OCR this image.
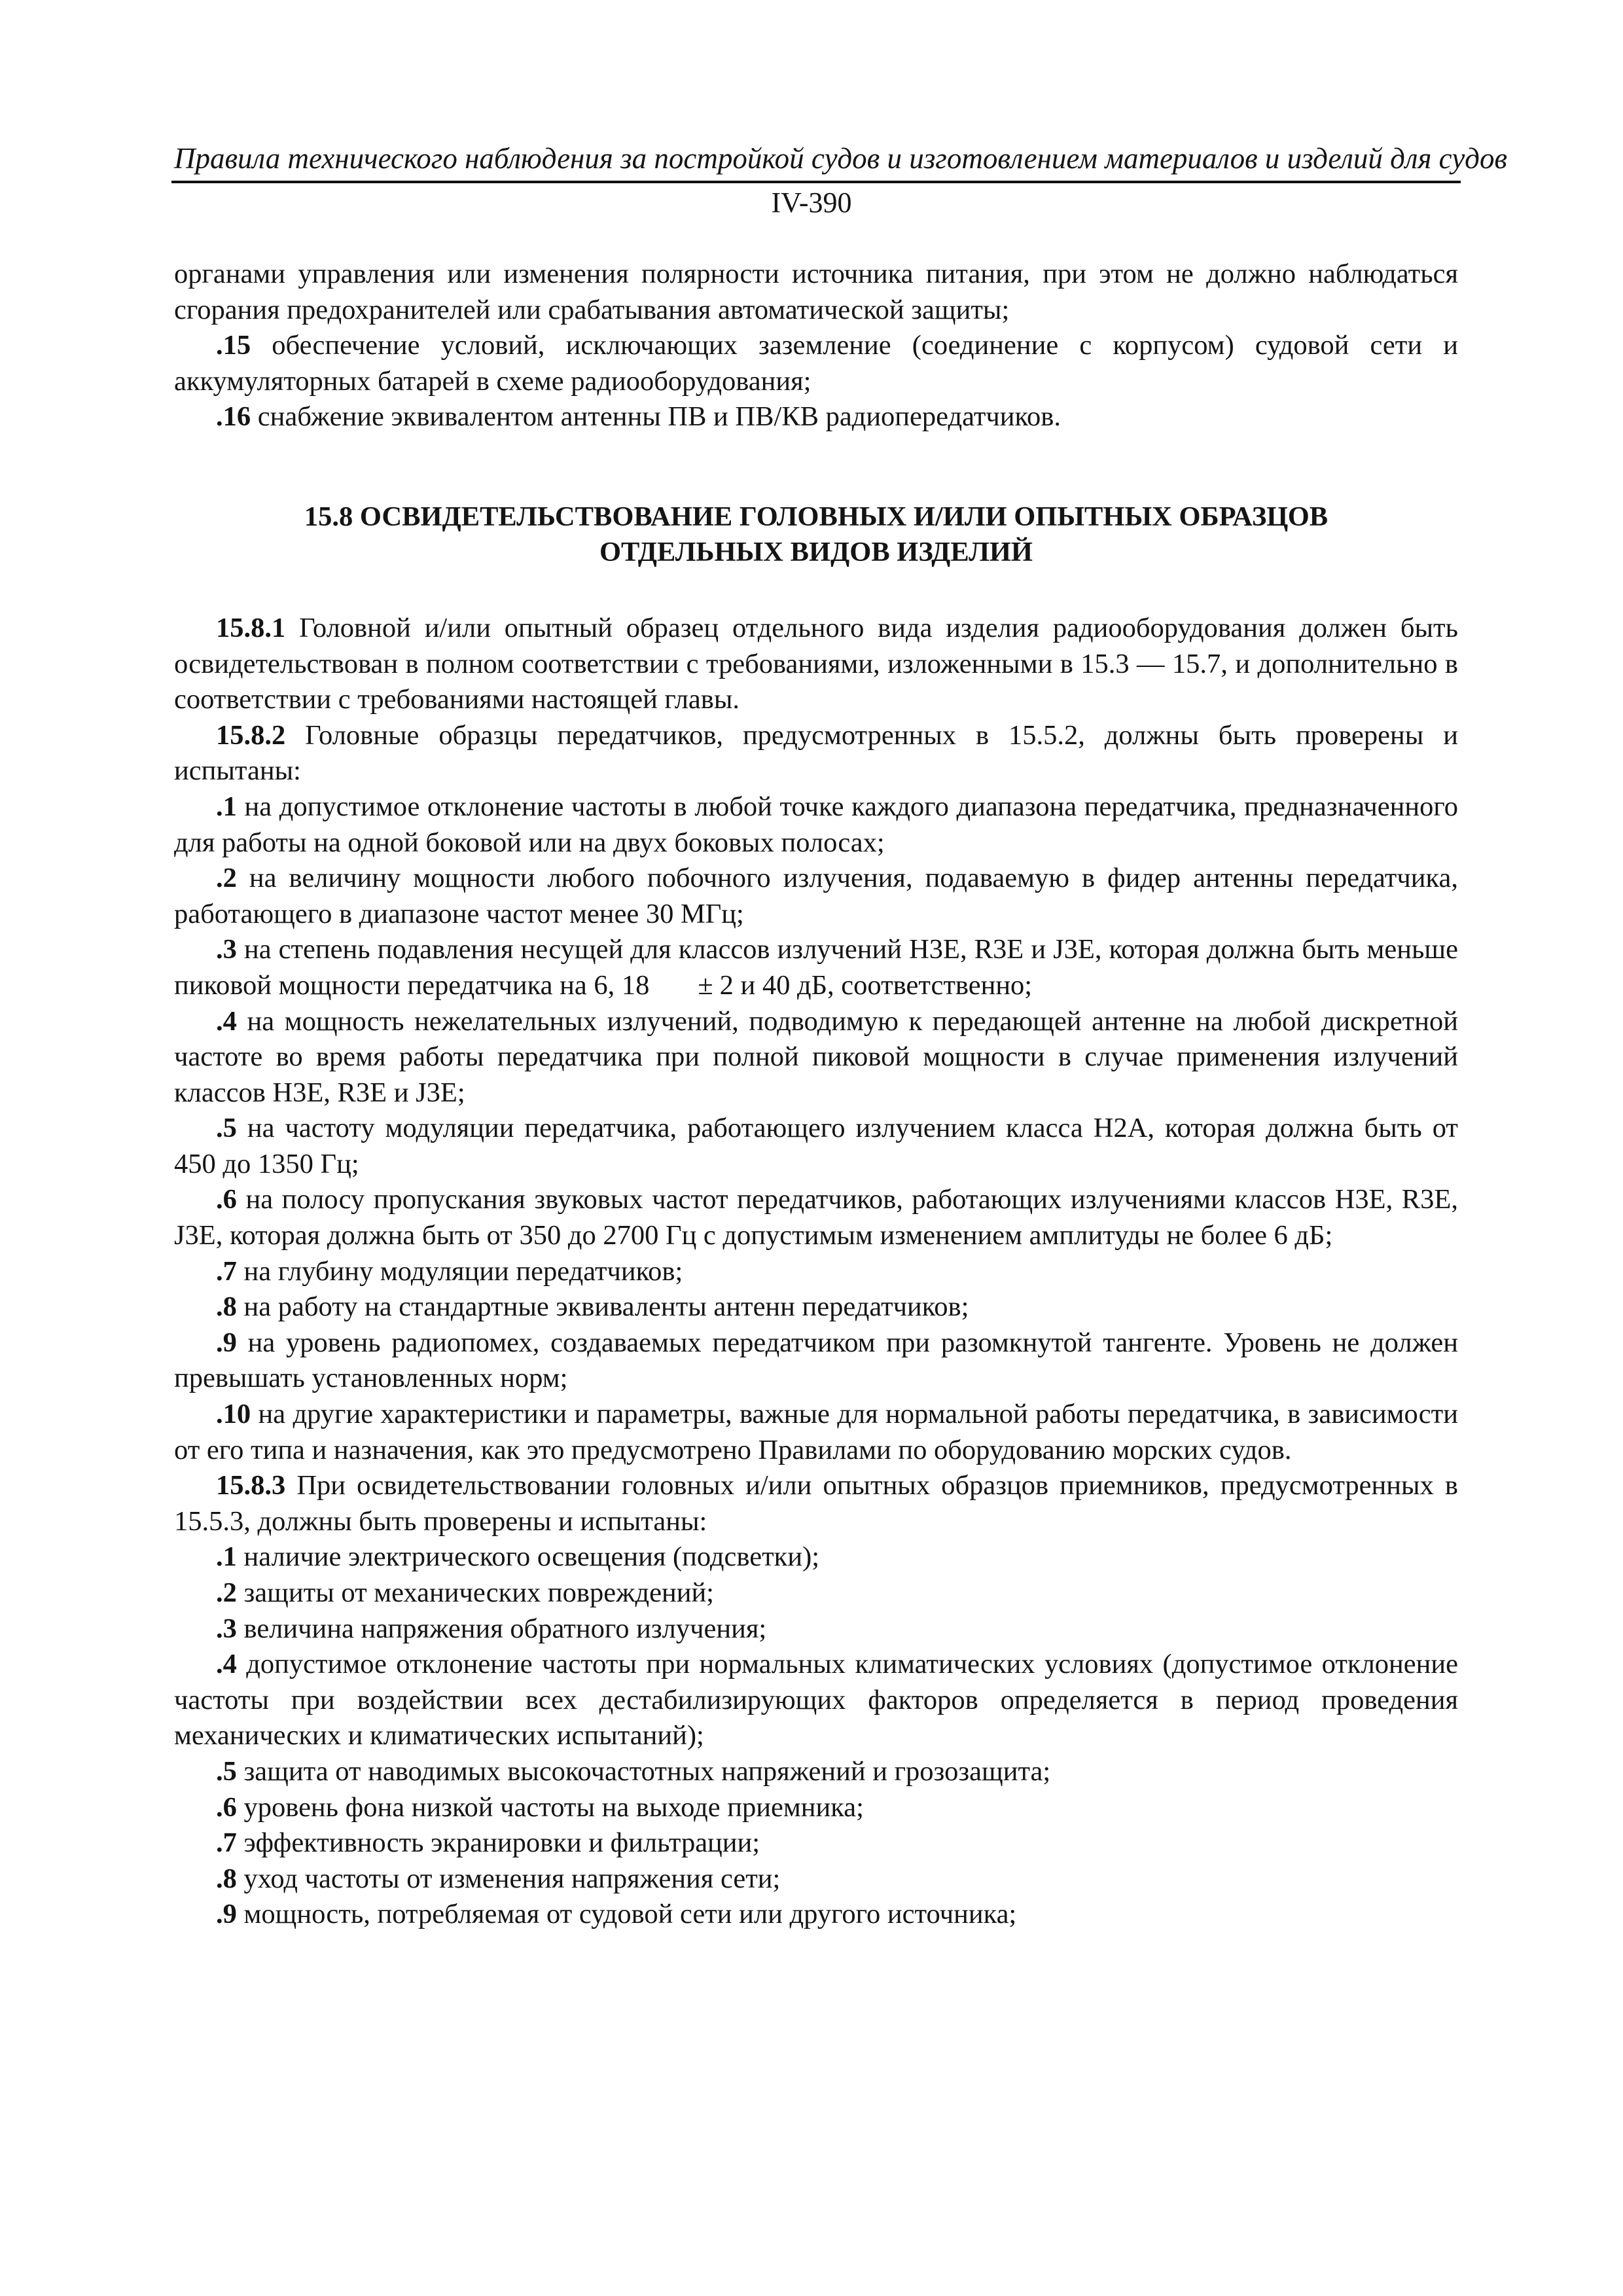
Правила технического наблюдения за постройкой судов и изготовлением материалов и изделий для судов
IV-390

органами управления или изменения полярности источника питания, при этом не должно наблюдаться сгорания предохранителей или срабатывания автоматической защиты;

.15 обеспечение условий, исключающих заземление (соединение с корпусом) судовой сети и аккумуляторных батарей в схеме радиооборудования;

.16 снабжение эквивалентом антенны ПВ и ПВ/КВ радиопередатчиков.

15.8 ОСВИДЕТЕЛЬСТВОВАНИЕ ГОЛОВНЫХ И/ИЛИ ОПЫТНЫХ ОБРАЗЦОВ ОТДЕЛЬНЫХ ВИДОВ ИЗДЕЛИЙ

15.8.1 Головной и/или опытный образец отдельного вида изделия радиооборудования должен быть освидетельствован в полном соответствии с требованиями, изложенными в 15.3 — 15.7, и дополнительно в соответствии с требованиями настоящей главы.

15.8.2 Головные образцы передатчиков, предусмотренных в 15.5.2, должны быть проверены и испытаны:

.1 на допустимое отклонение частоты в любой точке каждого диапазона передатчика, предназначенного для работы на одной боковой или на двух боковых полосах;

.2 на величину мощности любого побочного излучения, подаваемую в фидер антенны передатчика, работающего в диапазоне частот менее 30 МГц;

.3 на степень подавления несущей для классов излучений Н3Е, R3E и J3E, которая должна быть меньше пиковой мощности передатчика на 6, 18 ± 2 и 40 дБ, соответственно;

.4 на мощность нежелательных излучений, подводимую к передающей антенне на любой дискретной частоте во время работы передатчика при полной пиковой мощности в случае применения излучений классов Н3Е, R3E и J3E;

.5 на частоту модуляции передатчика, работающего излучением класса Н2А, которая должна быть от 450 до 1350 Гц;

.6 на полосу пропускания звуковых частот передатчиков, работающих излучениями классов Н3Е, R3E, J3E, которая должна быть от 350 до 2700 Гц с допустимым изменением амплитуды не более 6 дБ;

.7 на глубину модуляции передатчиков;

.8 на работу на стандартные эквиваленты антенн передатчиков;

.9 на уровень радиопомех, создаваемых передатчиком при разомкнутой тангенте. Уровень не должен превышать установленных норм;

.10 на другие характеристики и параметры, важные для нормальной работы передатчика, в зависимости от его типа и назначения, как это предусмотрено Правилами по оборудованию морских судов.

15.8.3 При освидетельствовании головных и/или опытных образцов приемников, предусмотренных в 15.5.3, должны быть проверены и испытаны:

.1 наличие электрического освещения (подсветки);

.2 защиты от механических повреждений;

.3 величина напряжения обратного излучения;

.4 допустимое отклонение частоты при нормальных климатических условиях (допустимое отклонение частоты при воздействии всех дестабилизирующих факторов определяется в период проведения механических и климатических испытаний);

.5 защита от наводимых высокочастотных напряжений и грозозащита;

.6 уровень фона низкой частоты на выходе приемника;

.7 эффективность экранировки и фильтрации;

.8 уход частоты от изменения напряжения сети;

.9 мощность, потребляемая от судовой сети или другого источника;
